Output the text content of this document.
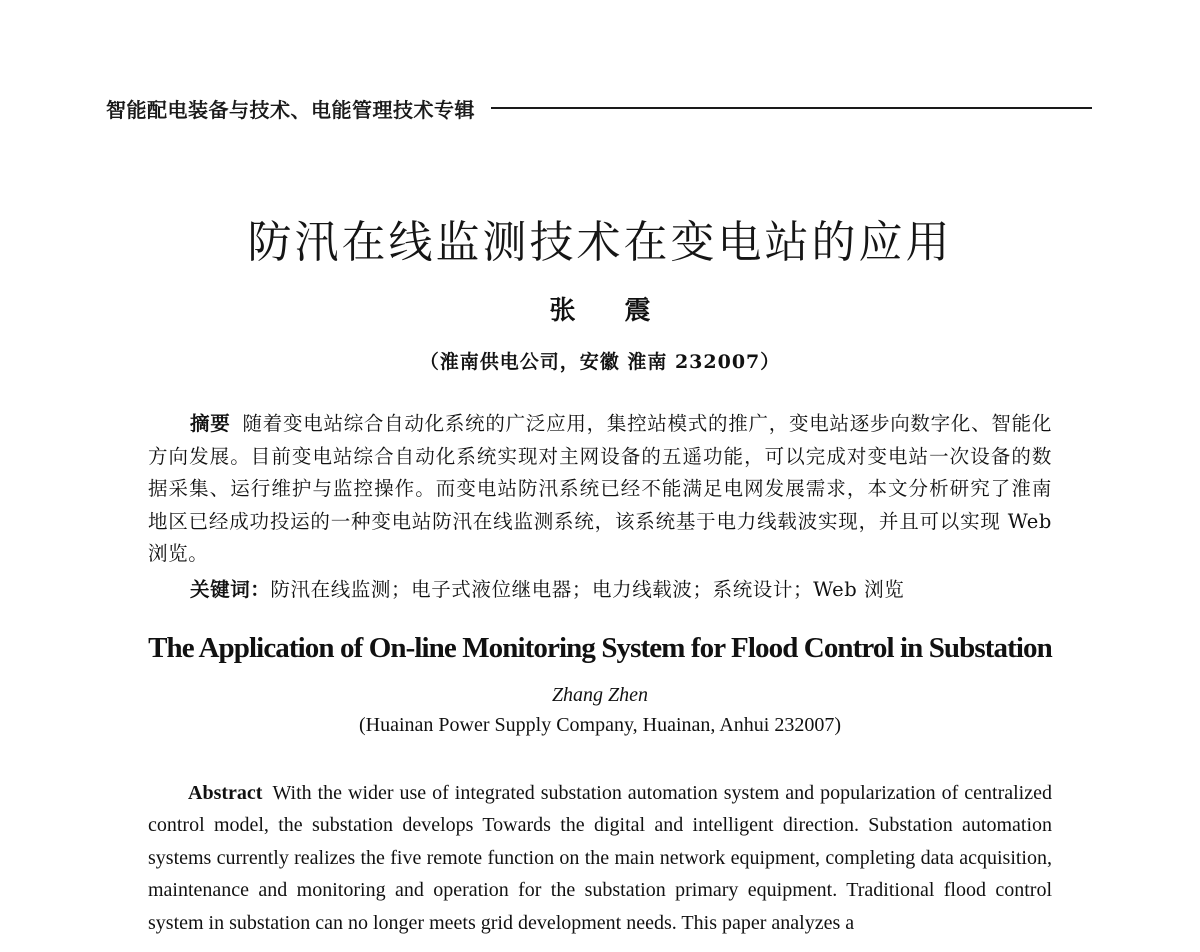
智能配电装备与技术、电能管理技术专辑
防汛在线监测技术在变电站的应用
张 震
（淮南供电公司，安徽 淮南 232007）
摘要 随着变电站综合自动化系统的广泛应用，集控站模式的推广，变电站逐步向数字化、智能化方向发展。目前变电站综合自动化系统实现对主网设备的五遥功能，可以完成对变电站一次设备的数据采集、运行维护与监控操作。而变电站防汛系统已经不能满足电网发展需求，本文分析研究了淮南地区已经成功投运的一种变电站防汛在线监测系统，该系统基于电力线载波实现，并且可以实现 Web 浏览。
关键词：防汛在线监测；电子式液位继电器；电力线载波；系统设计；Web 浏览
The Application of On-line Monitoring System for Flood Control in Substation
Zhang Zhen
(Huainan Power Supply Company, Huainan, Anhui 232007)
Abstract With the wider use of integrated substation automation system and popularization of centralized control model, the substation develops Towards the digital and intelligent direction. Substation automation systems currently realizes the five remote function on the main network equipment, completing data acquisition, maintenance and monitoring and operation for the substation primary equipment. Traditional flood control system in substation can no longer meets grid development needs. This paper analyzes a
